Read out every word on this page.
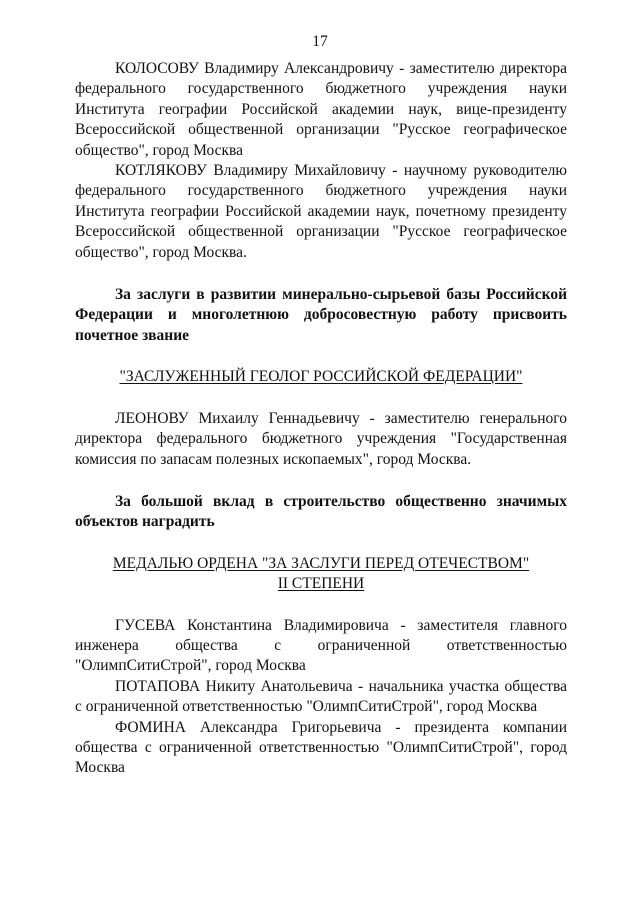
17

КОЛОСОВУ Владимиру Александровичу - заместителю директора федерального государственного бюджетного учреждения науки Института географии Российской академии наук, вице-президенту Всероссийской общественной организации "Русское географическое общество", город Москва

КОТЛЯКОВУ Владимиру Михайловичу - научному руководителю федерального государственного бюджетного учреждения науки Института географии Российской академии наук, почетному президенту Всероссийской общественной организации "Русское географическое общество", город Москва.

За заслуги в развитии минерально-сырьевой базы Российской Федерации и многолетнюю добросовестную работу присвоить почетное звание

"ЗАСЛУЖЕННЫЙ ГЕОЛОГ РОССИЙСКОЙ ФЕДЕРАЦИИ"

ЛЕОНОВУ Михаилу Геннадьевичу - заместителю генерального директора федерального бюджетного учреждения "Государственная комиссия по запасам полезных ископаемых", город Москва.

За большой вклад в строительство общественно значимых объектов наградить

МЕДАЛЬЮ ОРДЕНА "ЗА ЗАСЛУГИ ПЕРЕД ОТЕЧЕСТВОМ"

II СТЕПЕНИ

ГУСЕВА Константина Владимировича - заместителя главного инженера общества с ограниченной ответственностью "ОлимпСитиСтрой", город Москва

ПОТАПОВА Никиту Анатольевича - начальника участка общества с ограниченной ответственностью "ОлимпСитиСтрой", город Москва

ФОМИНА Александра Григорьевича - президента компании общества с ограниченной ответственностью "ОлимпСитиСтрой", город Москва
